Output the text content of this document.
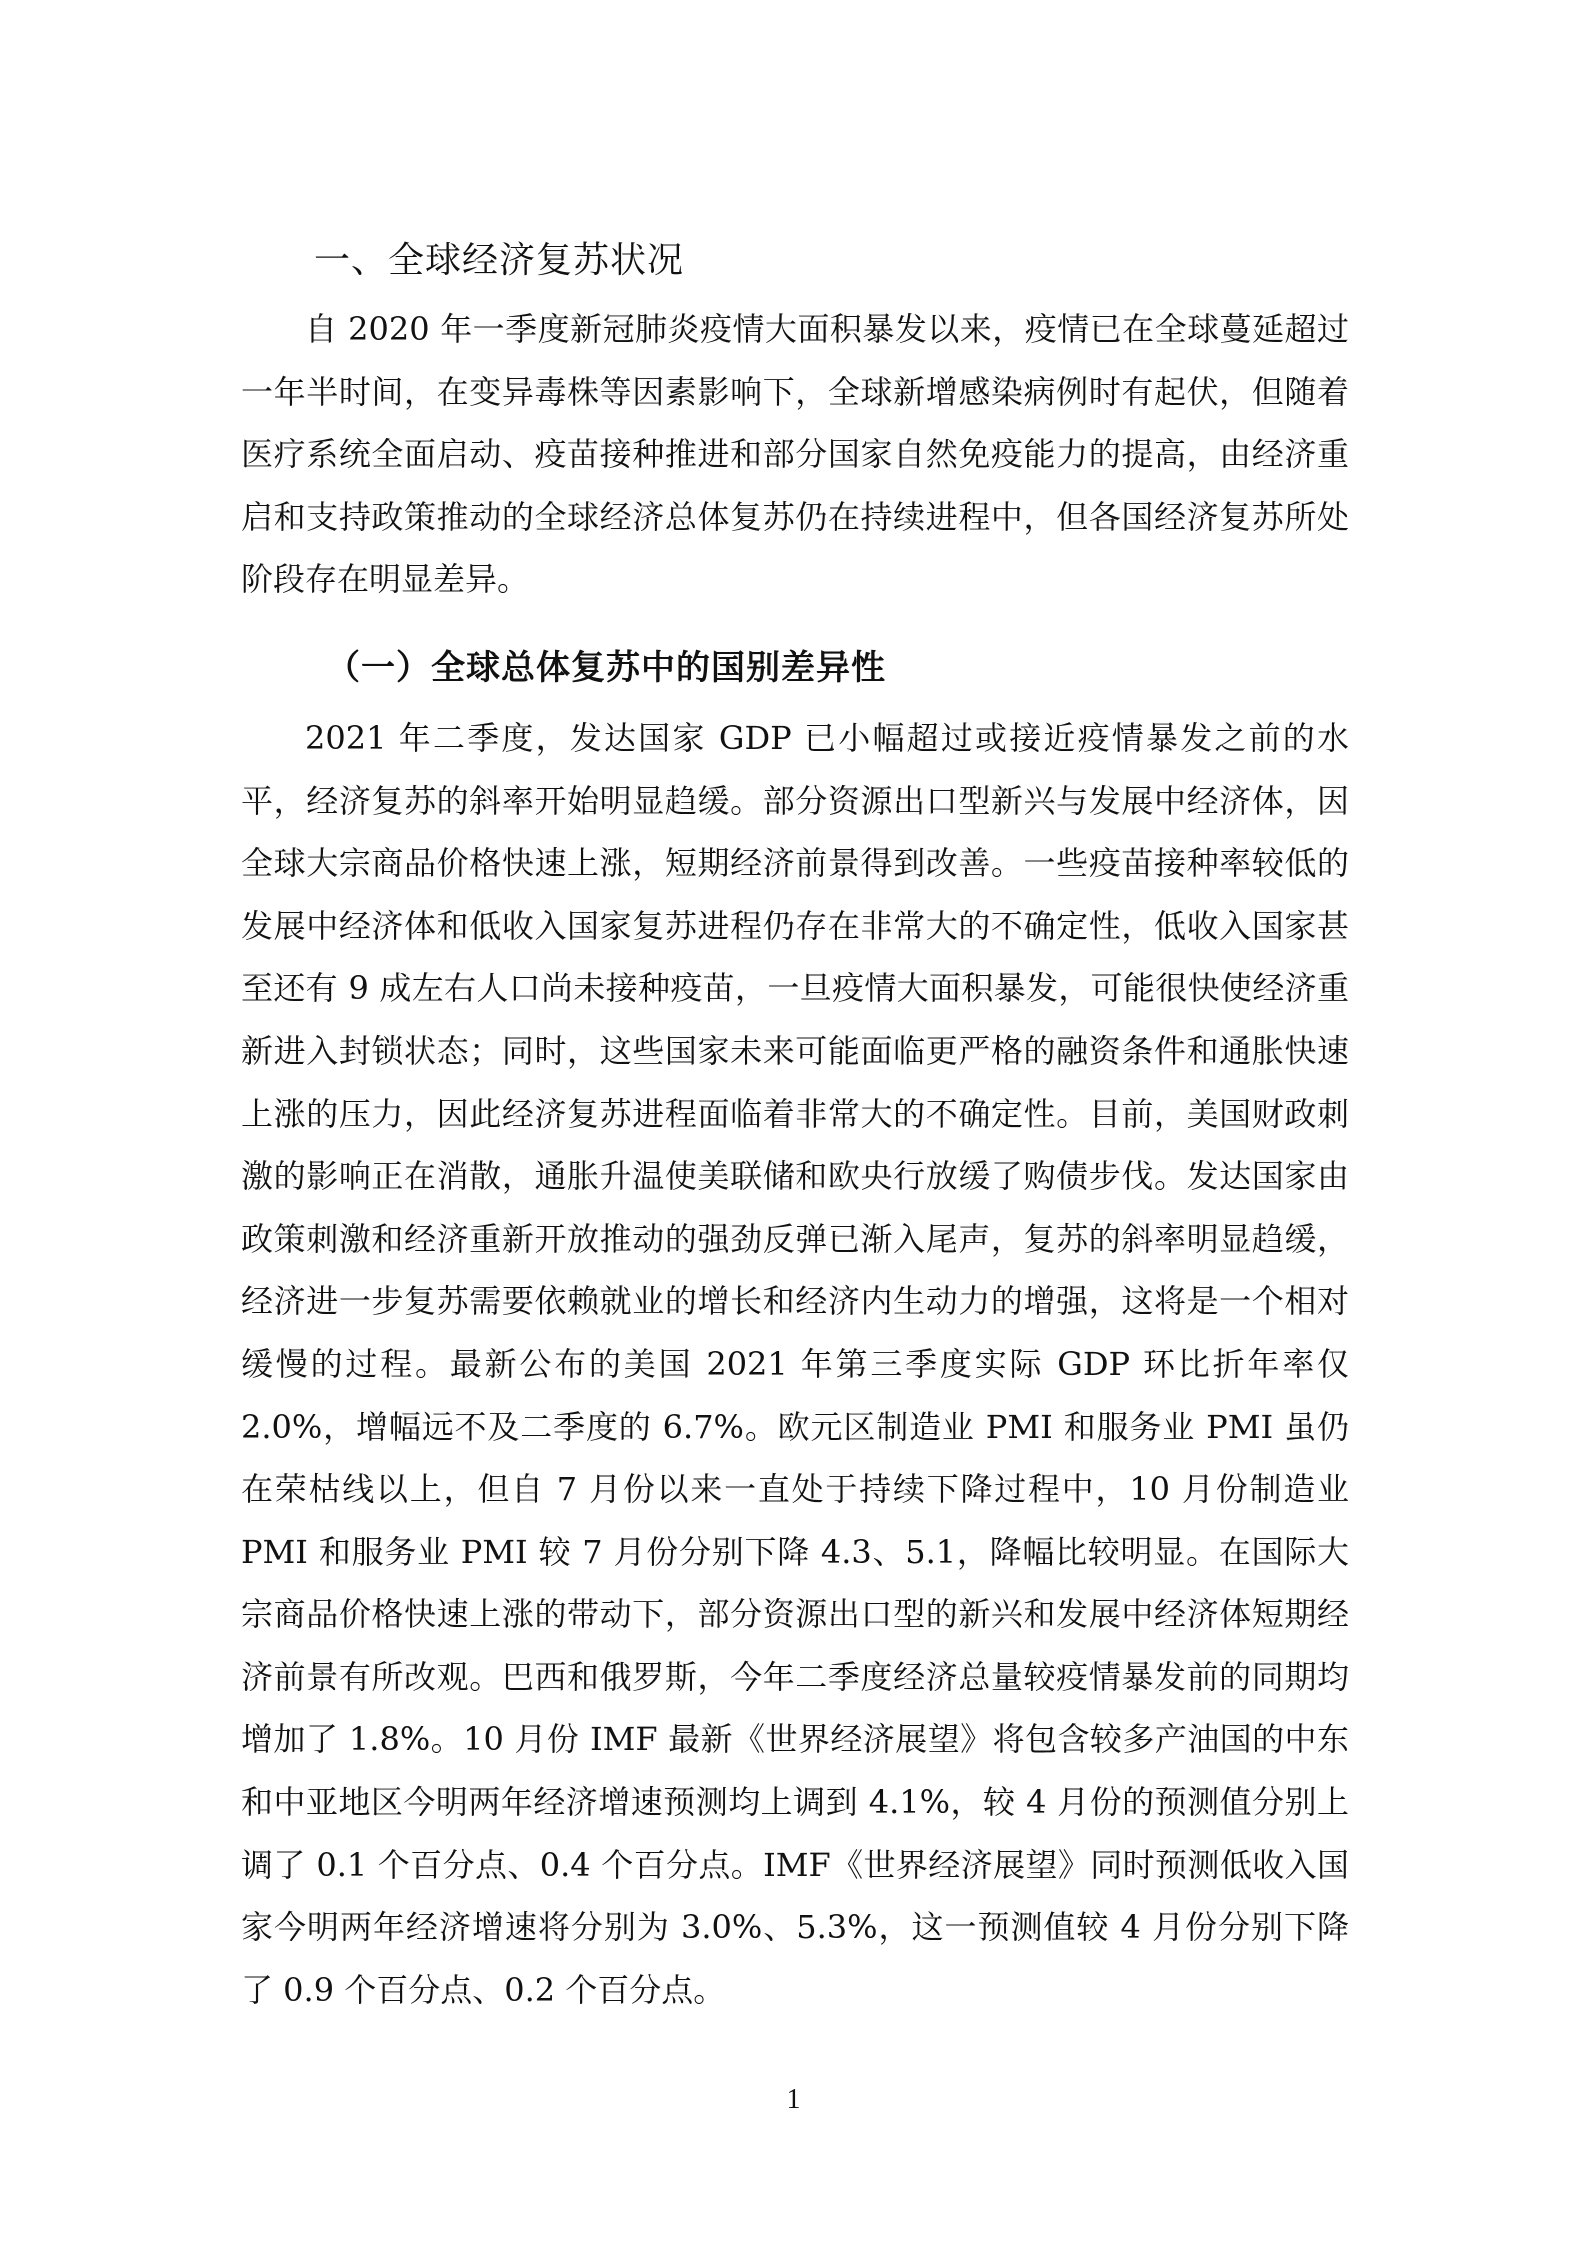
一、全球经济复苏状况

自 2020 年一季度新冠肺炎疫情大面积暴发以来，疫情已在全球蔓延超过一年半时间，在变异毒株等因素影响下，全球新增感染病例时有起伏，但随着医疗系统全面启动、疫苗接种推进和部分国家自然免疫能力的提高，由经济重启和支持政策推动的全球经济总体复苏仍在持续进程中，但各国经济复苏所处阶段存在明显差异。

（一）全球总体复苏中的国别差异性

2021 年二季度，发达国家 GDP 已小幅超过或接近疫情暴发之前的水平，经济复苏的斜率开始明显趋缓。部分资源出口型新兴与发展中经济体，因全球大宗商品价格快速上涨，短期经济前景得到改善。一些疫苗接种率较低的发展中经济体和低收入国家复苏进程仍存在非常大的不确定性，低收入国家甚至还有 9 成左右人口尚未接种疫苗，一旦疫情大面积暴发，可能很快使经济重新进入封锁状态；同时，这些国家未来可能面临更严格的融资条件和通胀快速上涨的压力，因此经济复苏进程面临着非常大的不确定性。目前，美国财政刺激的影响正在消散，通胀升温使美联储和欧央行放缓了购债步伐。发达国家由政策刺激和经济重新开放推动的强劲反弹已渐入尾声，复苏的斜率明显趋缓，经济进一步复苏需要依赖就业的增长和经济内生动力的增强，这将是一个相对缓慢的过程。最新公布的美国 2021 年第三季度实际 GDP 环比折年率仅 2.0%，增幅远不及二季度的 6.7%。欧元区制造业 PMI 和服务业 PMI 虽仍在荣枯线以上，但自 7 月份以来一直处于持续下降过程中，10 月份制造业 PMI 和服务业 PMI 较 7 月份分别下降 4.3、5.1，降幅比较明显。在国际大宗商品价格快速上涨的带动下，部分资源出口型的新兴和发展中经济体短期经济前景有所改观。巴西和俄罗斯，今年二季度经济总量较疫情暴发前的同期均增加了 1.8%。10 月份 IMF 最新《世界经济展望》将包含较多产油国的中东和中亚地区今明两年经济增速预测均上调到 4.1%，较 4 月份的预测值分别上调了 0.1 个百分点、0.4 个百分点。IMF《世界经济展望》同时预测低收入国家今明两年经济增速将分别为 3.0%、5.3%，这一预测值较 4 月份分别下降了 0.9 个百分点、0.2 个百分点。

1
